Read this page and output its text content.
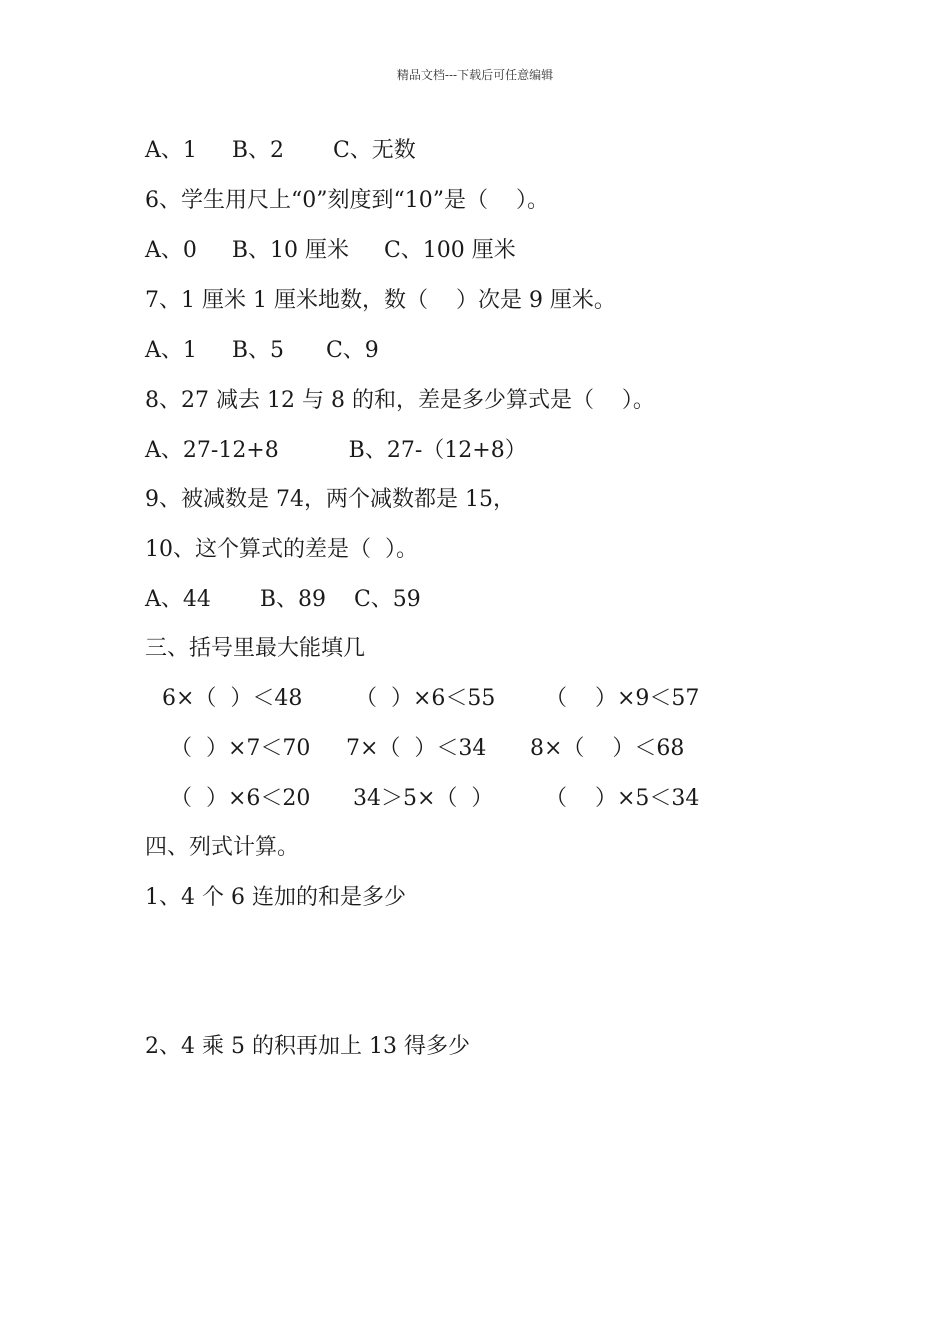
精品文档---下载后可任意编辑
A、1     B、2       C、无数
6、学生用尺上“0”刻度到“10”是（    ）。
A、0     B、10 厘米     C、100 厘米
7、1 厘米 1 厘米地数，数（    ）次是 9 厘米。
A、1     B、5      C、9
8、27 减去 12 与 8 的和，差是多少算式是（    ）。
A、27-12+8          B、27-（12+8）
9、被减数是 74，两个减数都是 15，
10、这个算式的差是（  ）。
A、44       B、89    C、59
三、括号里最大能填几
6×（  ）＜48 （  ）×6＜55 （    ）×9＜57
（  ）×7＜70 7×（  ）＜34 8×（    ）＜68
（  ）×6＜20 34＞5×（  ） （    ）×5＜34
四、列式计算。
1、4 个 6 连加的和是多少
2、4 乘 5 的积再加上 13 得多少
